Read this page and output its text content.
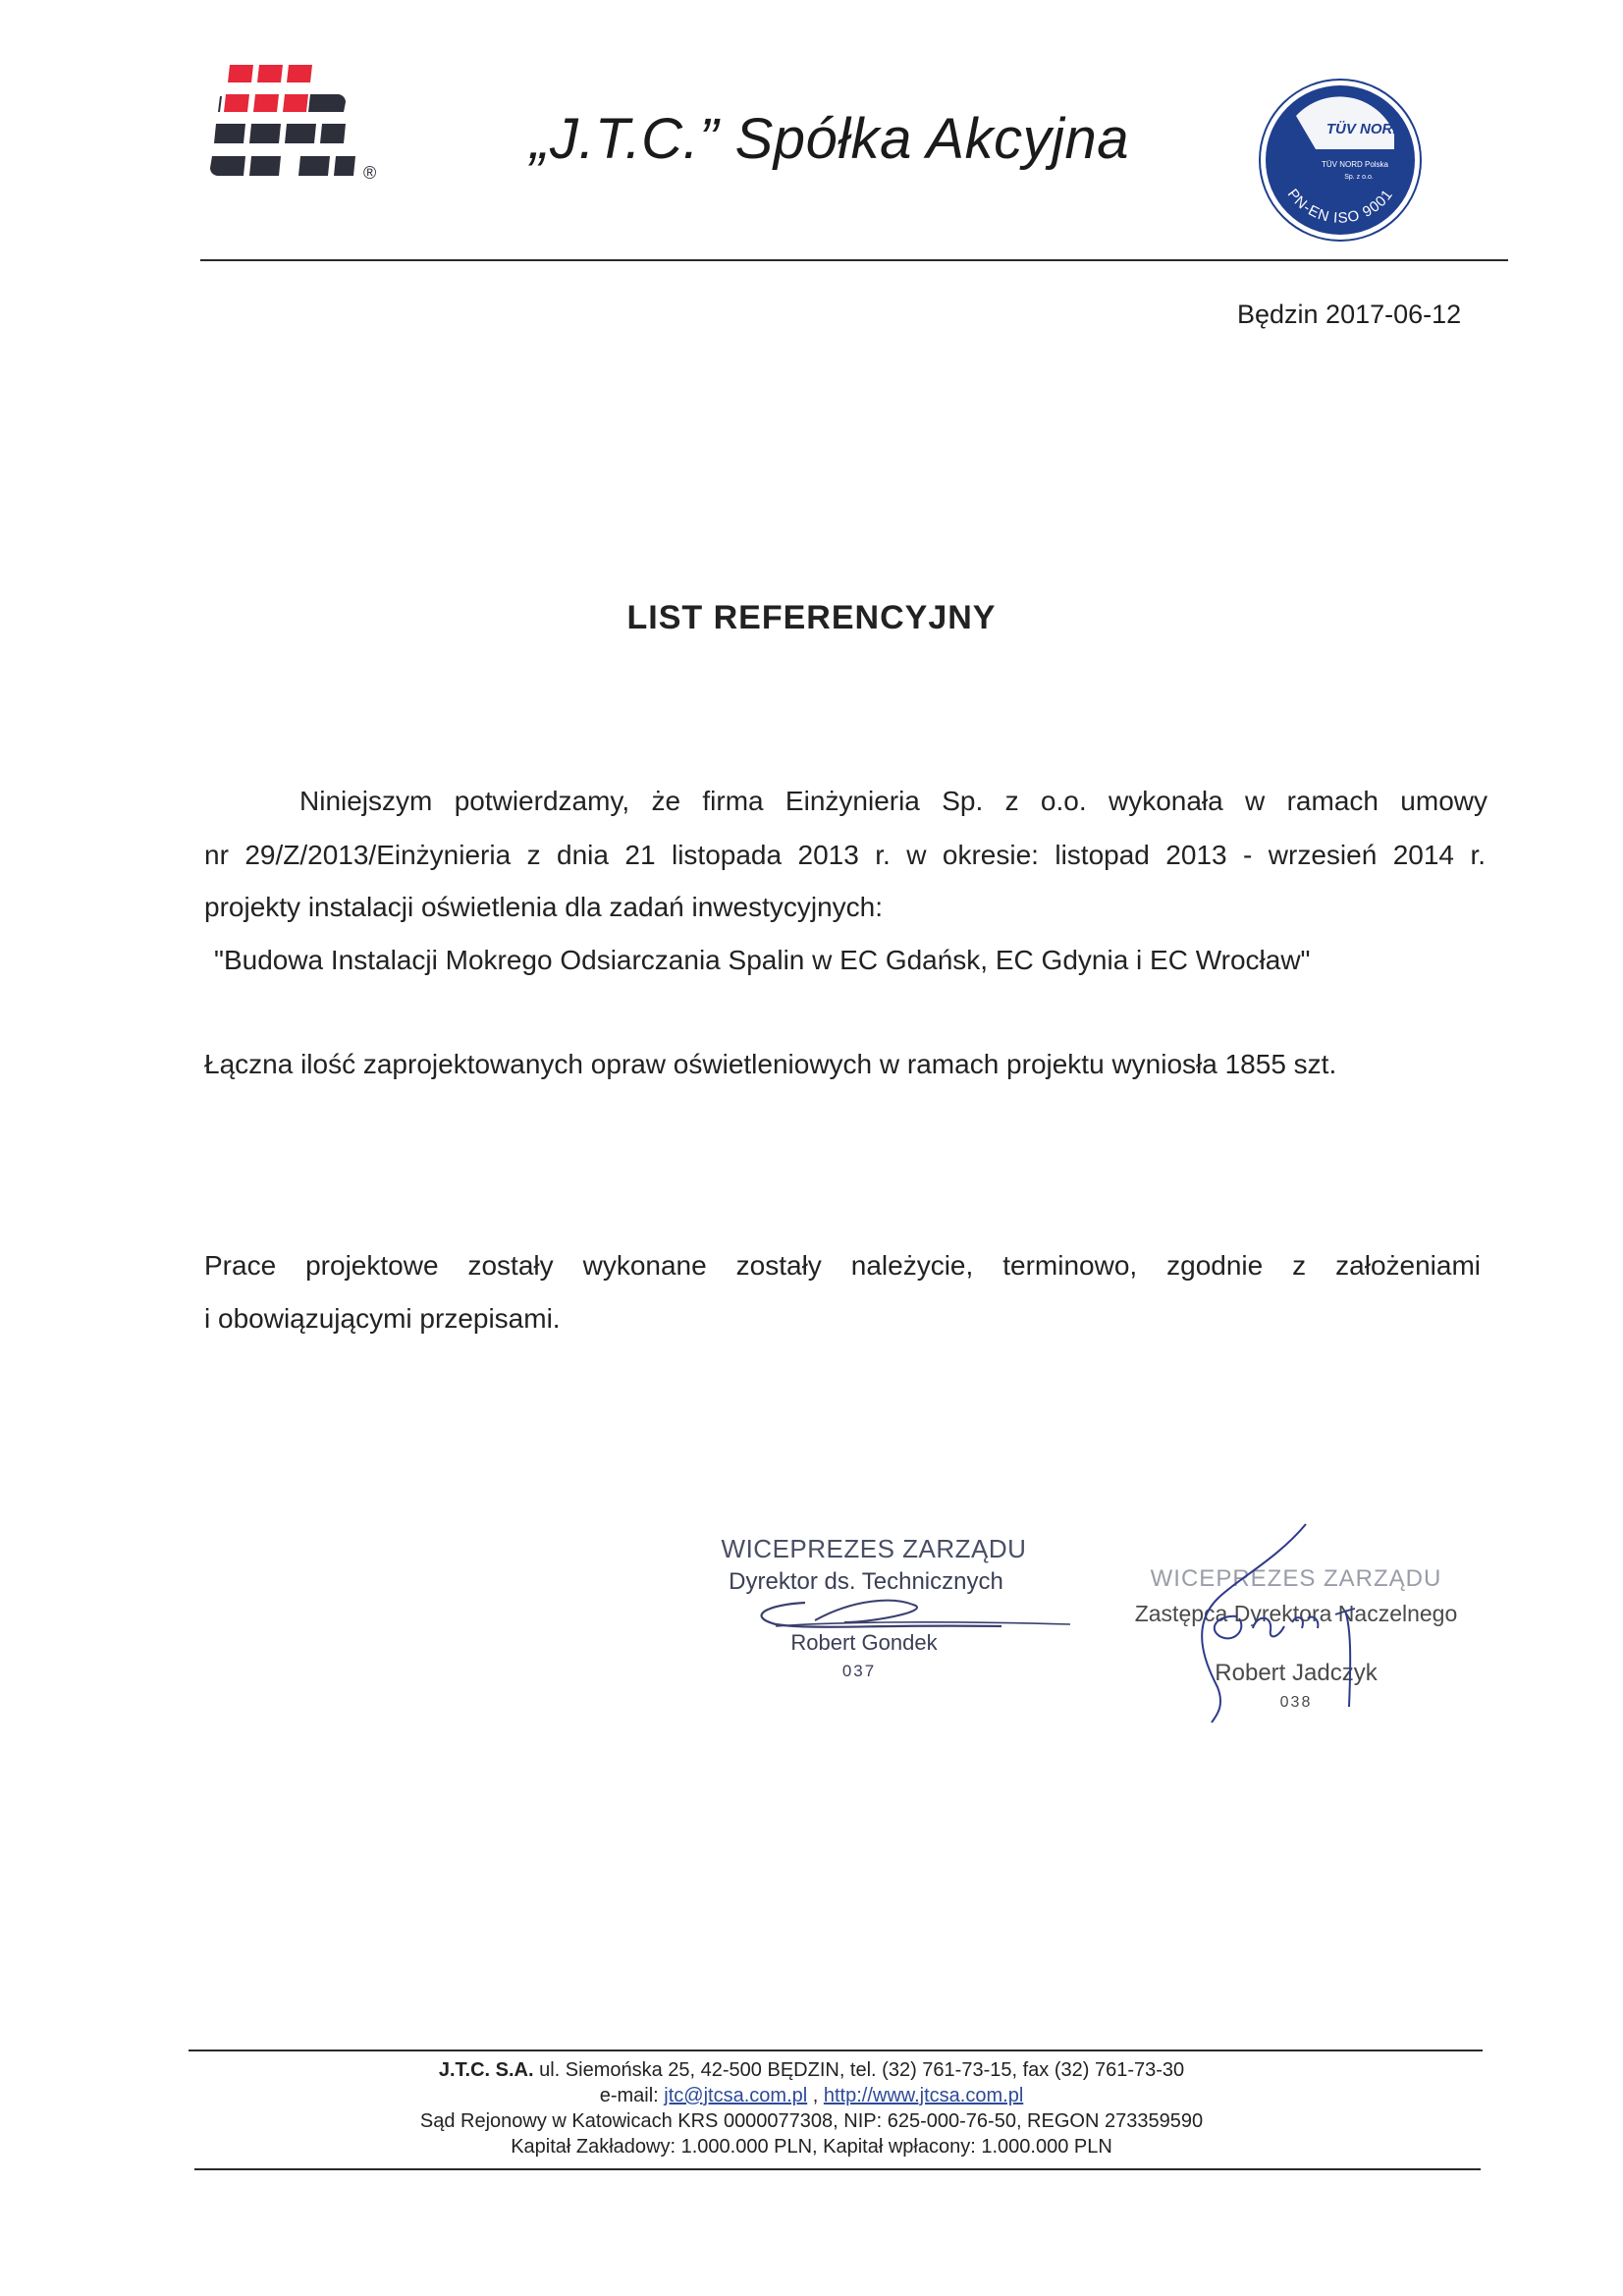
®
„J.T.C.” Spółka Akcyjna	TÜV NORD
TÜV NORD Polska
Sp. z o.o.
PN-EN ISO 9001
Będzin 2017-06-12
LIST REFERENCYJNY
Niniejszym potwierdzamy, że firma Einżynieria Sp. z o.o. wykonała w ramach umowy
nr 29/Z/2013/Einżynieria z dnia 21 listopada 2013 r. w okresie: listopad 2013 - wrzesień 2014 r.
projekty instalacji oświetlenia dla zadań inwestycyjnych:
"Budowa Instalacji Mokrego Odsiarczania Spalin w EC Gdańsk, EC Gdynia i EC Wrocław"
Łączna ilość zaprojektowanych opraw oświetleniowych w ramach projektu wyniosła 1855 szt.
Prace projektowe zostały wykonane zostały należycie, terminowo, zgodnie z założeniami
i obowiązującymi przepisami.
WICEPREZES ZARZĄDU
Dyrektor ds. Technicznych
Robert Gondek
037
WICEPREZES ZARZĄDU
Zastępca Dyrektora Naczelnego
Robert Jadczyk
038
J.T.C. S.A. ul. Siemońska 25, 42-500 BĘDZIN, tel. (32) 761-73-15, fax (32) 761-73-30
e-mail: jtc@jtcsa.com.pl , http://www.jtcsa.com.pl
Sąd Rejonowy w Katowicach KRS 0000077308, NIP: 625-000-76-50, REGON 273359590
Kapitał Zakładowy: 1.000.000 PLN, Kapitał wpłacony: 1.000.000 PLN
